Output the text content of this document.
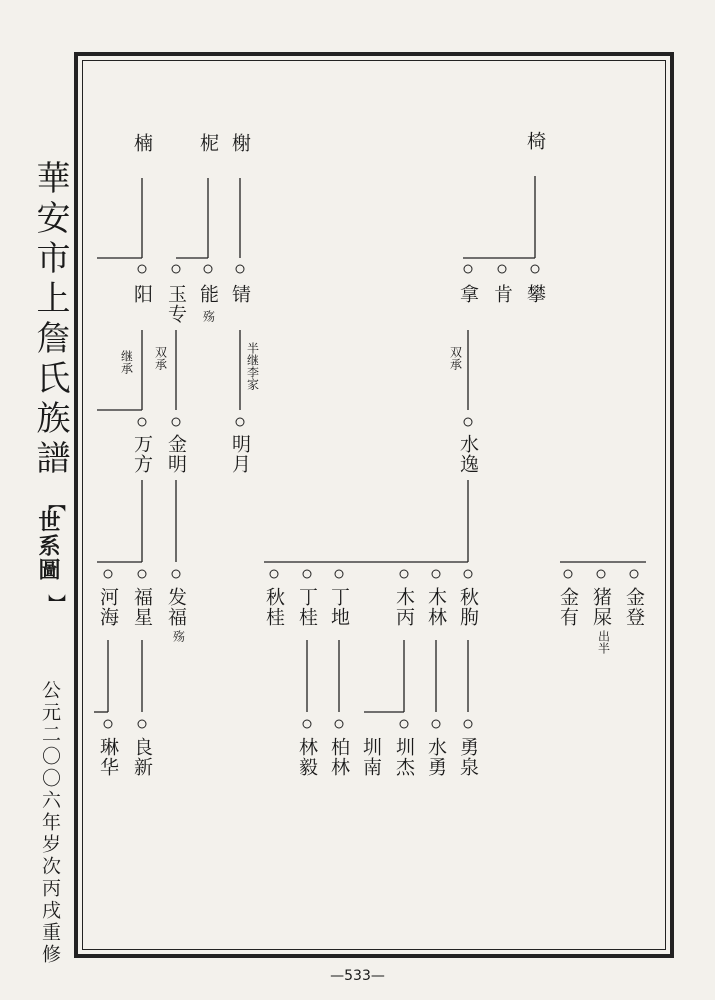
華安市上詹氏族譜
【
世系圖
】
公元二〇〇六年岁次丙戌重修
—533—
楠 柅 榭	椅
阳 玉专 能
殇
锖	拿 肯 攀
继承 双承	半继李家	双承
万方 金明 明月	水逸
河海 福星 发福
殇
秋桂 丁桂 丁地 木丙 木林 秋朐	金有 猪屎
出半
金登
琳华 良新	林毅 柏林 圳南 圳杰 水勇 勇泉
